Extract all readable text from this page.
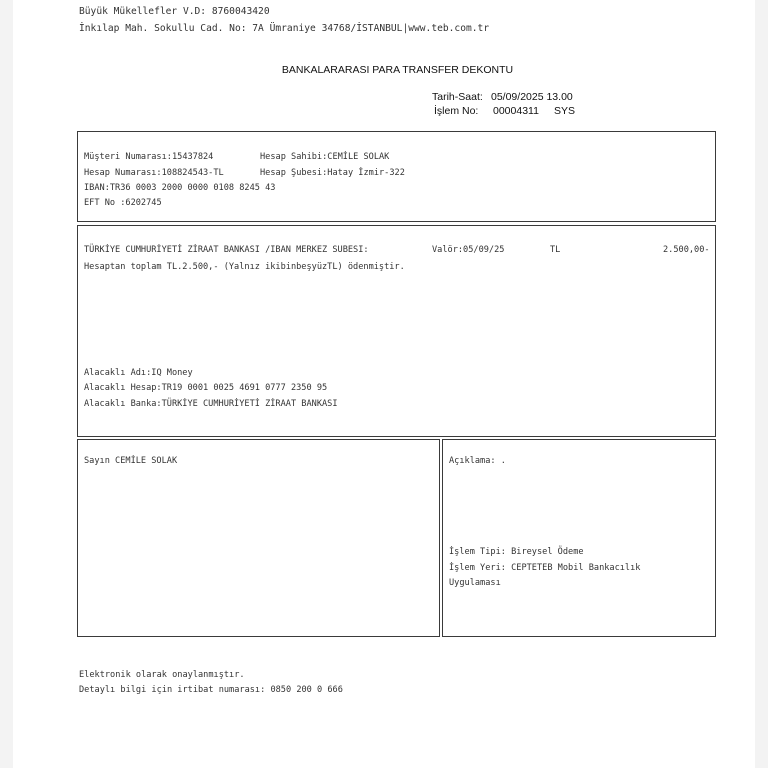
Büyük Mükellefler V.D: 8760043420
İnkılap Mah. Sokullu Cad. No: 7A Ümraniye 34768/İSTANBUL|www.teb.com.tr
BANKALARARASI PARA TRANSFER DEKONTU
Tarih-Saat: 05/09/2025 13.00
İşlem No: 00004311 SYS
Müşteri Numarası:15437824	Hesap Sahibi:CEMİLE SOLAK
Hesap Numarası:108824543-TL	Hesap Şubesi:Hatay İzmir-322
IBAN:TR36 0003 2000 0000 0108 8245 43
EFT No :6202745
TÜRKİYE CUMHURİYETİ ZİRAAT BANKASI /IBAN MERKEZ SUBESI:	Valör:05/09/25	TL	2.500,00-
Hesaptan toplam TL.2.500,- (Yalnız ikibinbeşyüzTL) ödenmiştir.
Alacaklı Adı:IQ Money
Alacaklı Hesap:TR19 0001 0025 4691 0777 2350 95
Alacaklı Banka:TÜRKİYE CUMHURİYETİ ZİRAAT BANKASI
Sayın CEMİLE SOLAK	Açıklama: .
İşlem Tipi: Bireysel Ödeme
İşlem Yeri: CEPTETEB Mobil Bankacılık
Uygulaması
Elektronik olarak onaylanmıştır.
Detaylı bilgi için irtibat numarası: 0850 200 0 666
